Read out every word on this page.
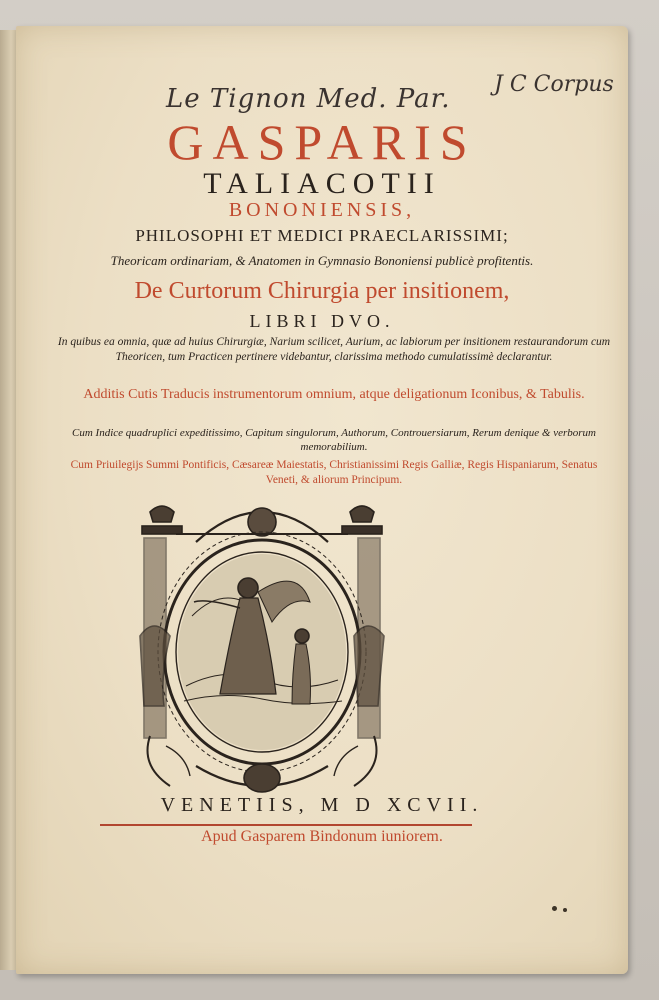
Le Tignon Med. Par. J C Corpus
GASPARIS
TALIACOTII
BONONIENSIS,
PHILOSOPHI ET MEDICI PRAECLARISSIMI;
Theoricam ordinariam, & Anatomen in Gymnasio Bononiensi publicè profitentis.
De Curtorum Chirurgia per insitionem,
LIBRI DVO.
In quibus ea omnia, quæ ad huius Chirurgiæ, Narium scilicet, Aurium, ac labiorum per insitionem restaurandorum cum Theoricen, tum Practicen pertinere videbantur, clarissima methodo cumulatissimè declarantur.
Additis Cutis Traducis instrumentorum omnium, atque deligationum Iconibus, & Tabulis.
Cum Indice quadruplici expeditissimo, Capitum singulorum, Authorum, Controuersiarum, Rerum denique & verborum memorabilium.
Cum Priuilegijs Summi Pontificis, Cæsareæ Maiestatis, Christianissimi Regis Galliæ, Regis Hispaniarum, Senatus Veneti, & aliorum Principum.
VENETIIS, M D XCVII.
Apud Gasparem Bindonum iuniorem.
